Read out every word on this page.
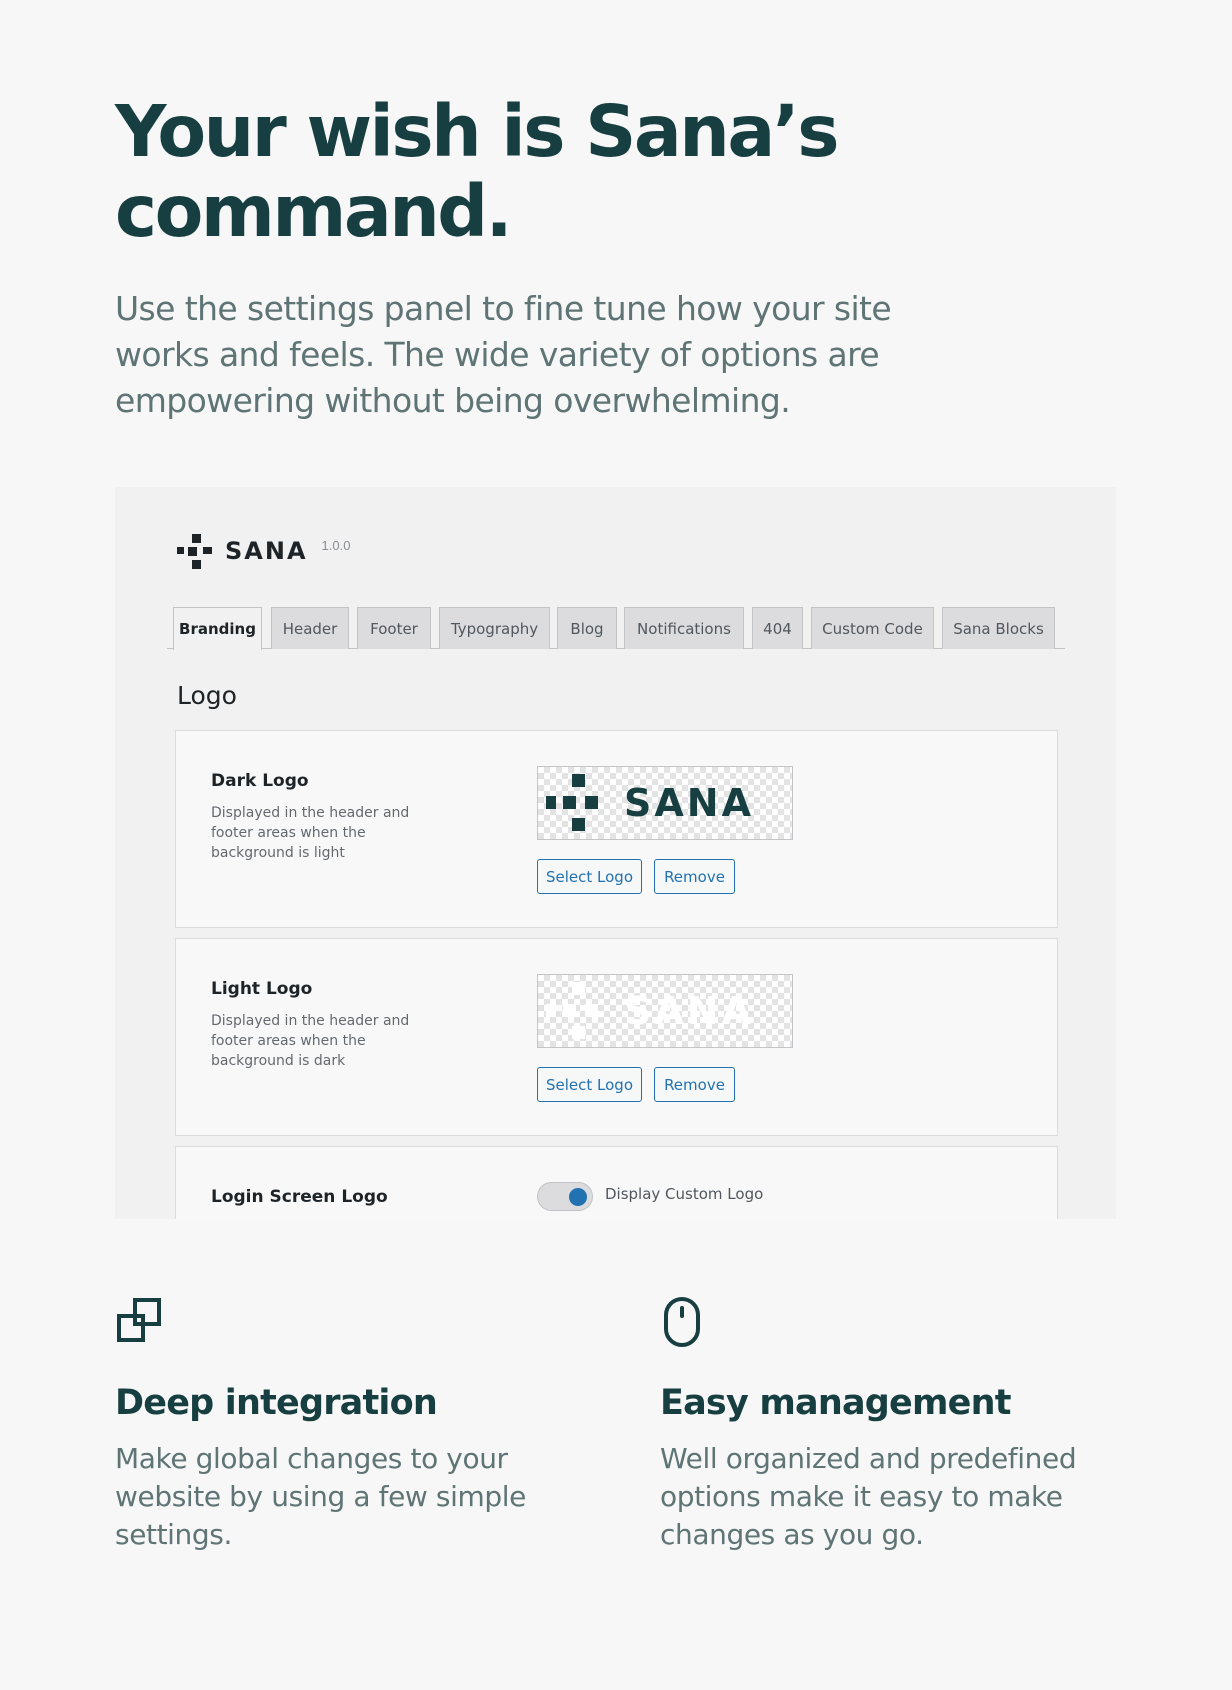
Your wish is Sana’s
command.

Use the settings panel to fine tune how your site works and feels. The wide variety of options are empowering without being overwhelming.

SANA 1.0.0
Branding	Header	Footer	Typography	Blog	Notifications	404	Custom Code	Sana Blocks
Logo
Dark Logo
Displayed in the header and footer areas when the background is light
SANA
Select Logo	Remove
Light Logo
Displayed in the header and footer areas when the background is dark
SANA
Select Logo	Remove
Login Screen Logo	Display Custom Logo
Deep integration
Make global changes to your website by using a few simple settings.
Easy management
Well organized and predefined options make it easy to make changes as you go.
